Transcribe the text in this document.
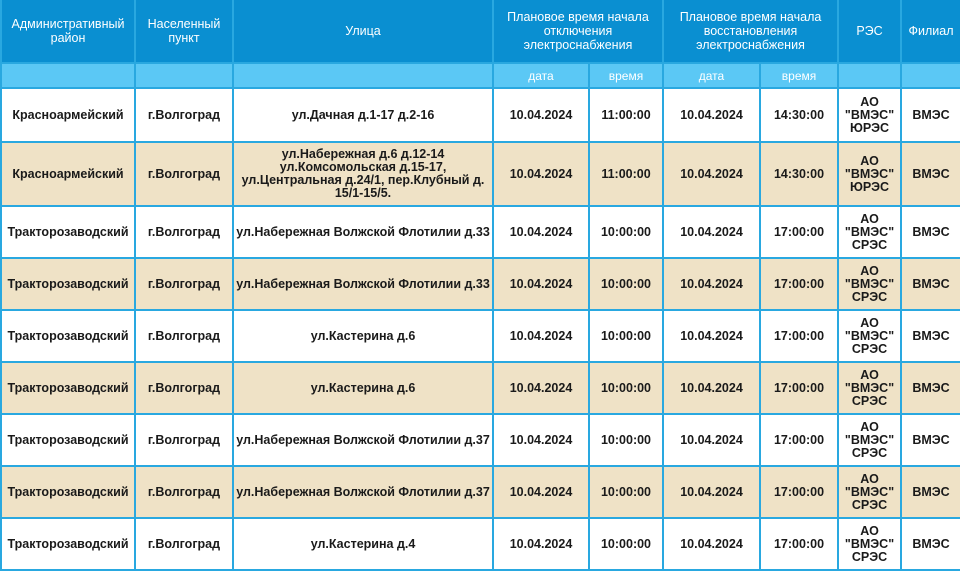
Административный район	Населенный пункт	Улица	Плановое время начала отключения электроснабжения		Плановое время начала восстановления электроснабжения		РЭС	Филиал
			дата	время	дата	время		
Красноармейский	г.Волгоград	ул.Дачная д.1-17 д.2-16	10.04.2024	11:00:00	10.04.2024	14:30:00	АО "ВМЭС" ЮРЭС	ВМЭС
Красноармейский	г.Волгоград	ул.Набережная д.6 д.12-14 ул.Комсомольская д.15-17, ул.Центральная д.24/1, пер.Клубный д. 15/1-15/5.	10.04.2024	11:00:00	10.04.2024	14:30:00	АО "ВМЭС" ЮРЭС	ВМЭС
Тракторозаводский	г.Волгоград	ул.Набережная Волжской Флотилии д.33	10.04.2024	10:00:00	10.04.2024	17:00:00	АО "ВМЭС" СРЭС	ВМЭС
Тракторозаводский	г.Волгоград	ул.Набережная Волжской Флотилии д.33	10.04.2024	10:00:00	10.04.2024	17:00:00	АО "ВМЭС" СРЭС	ВМЭС
Тракторозаводский	г.Волгоград	ул.Кастерина д.6	10.04.2024	10:00:00	10.04.2024	17:00:00	АО "ВМЭС" СРЭС	ВМЭС
Тракторозаводский	г.Волгоград	ул.Кастерина д.6	10.04.2024	10:00:00	10.04.2024	17:00:00	АО "ВМЭС" СРЭС	ВМЭС
Тракторозаводский	г.Волгоград	ул.Набережная Волжской Флотилии д.37	10.04.2024	10:00:00	10.04.2024	17:00:00	АО "ВМЭС" СРЭС	ВМЭС
Тракторозаводский	г.Волгоград	ул.Набережная Волжской Флотилии д.37	10.04.2024	10:00:00	10.04.2024	17:00:00	АО "ВМЭС" СРЭС	ВМЭС
Тракторозаводский	г.Волгоград	ул.Кастерина д.4	10.04.2024	10:00:00	10.04.2024	17:00:00	АО "ВМЭС" СРЭС	ВМЭС
